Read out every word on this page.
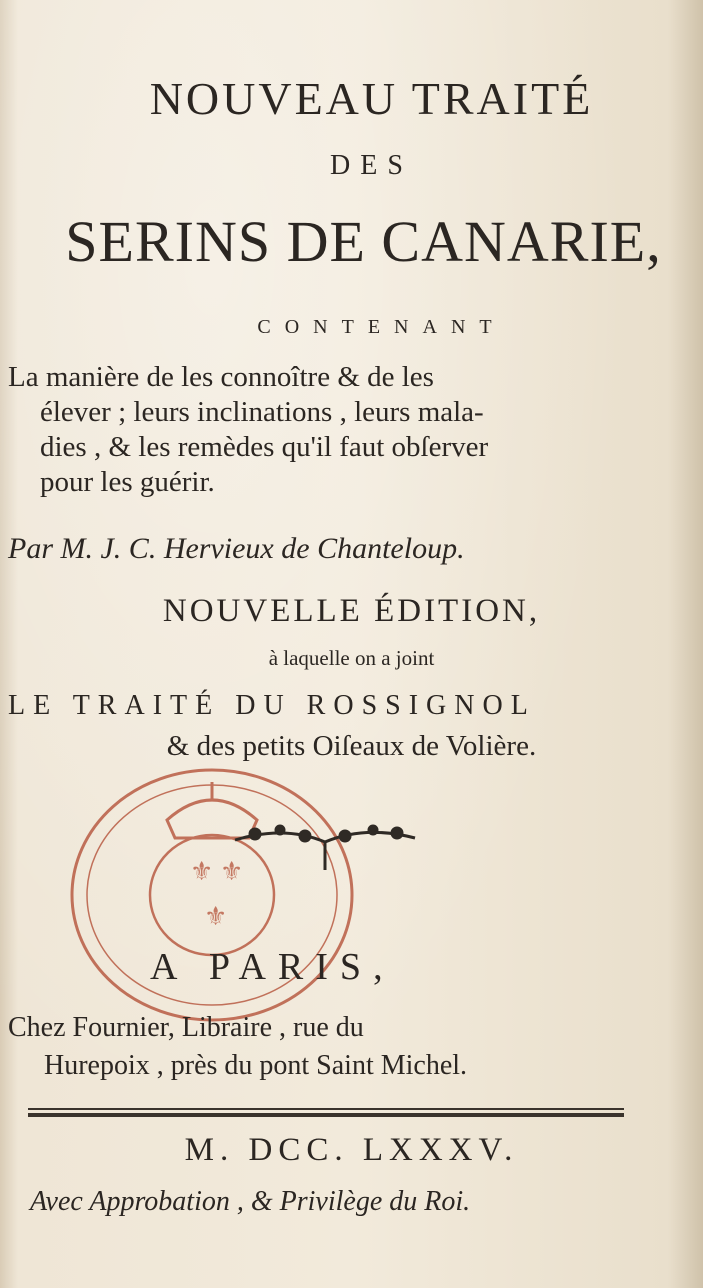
NOUVEAU TRAITÉ
DES
SERINS DE CANARIE,
CONTENANT
La manière de les connoître & de les
élever ; leurs inclinations , leurs mala-
dies , & les remèdes qu'il faut obſerver
pour les guérir.
Par M. J. C. Hervieux de Chanteloup.
NOUVELLE ÉDITION,
à laquelle on a joint
LE TRAITÉ DU ROSSIGNOL
& des petits Oiſeaux de Volière.
⚜ ⚜
⚜
A PARIS,
Chez Fournier, Libraire , rue du
Hurepoix , près du pont Saint Michel.
M. DCC. LXXXV.
Avec Approbation , & Privilège du Roi.
